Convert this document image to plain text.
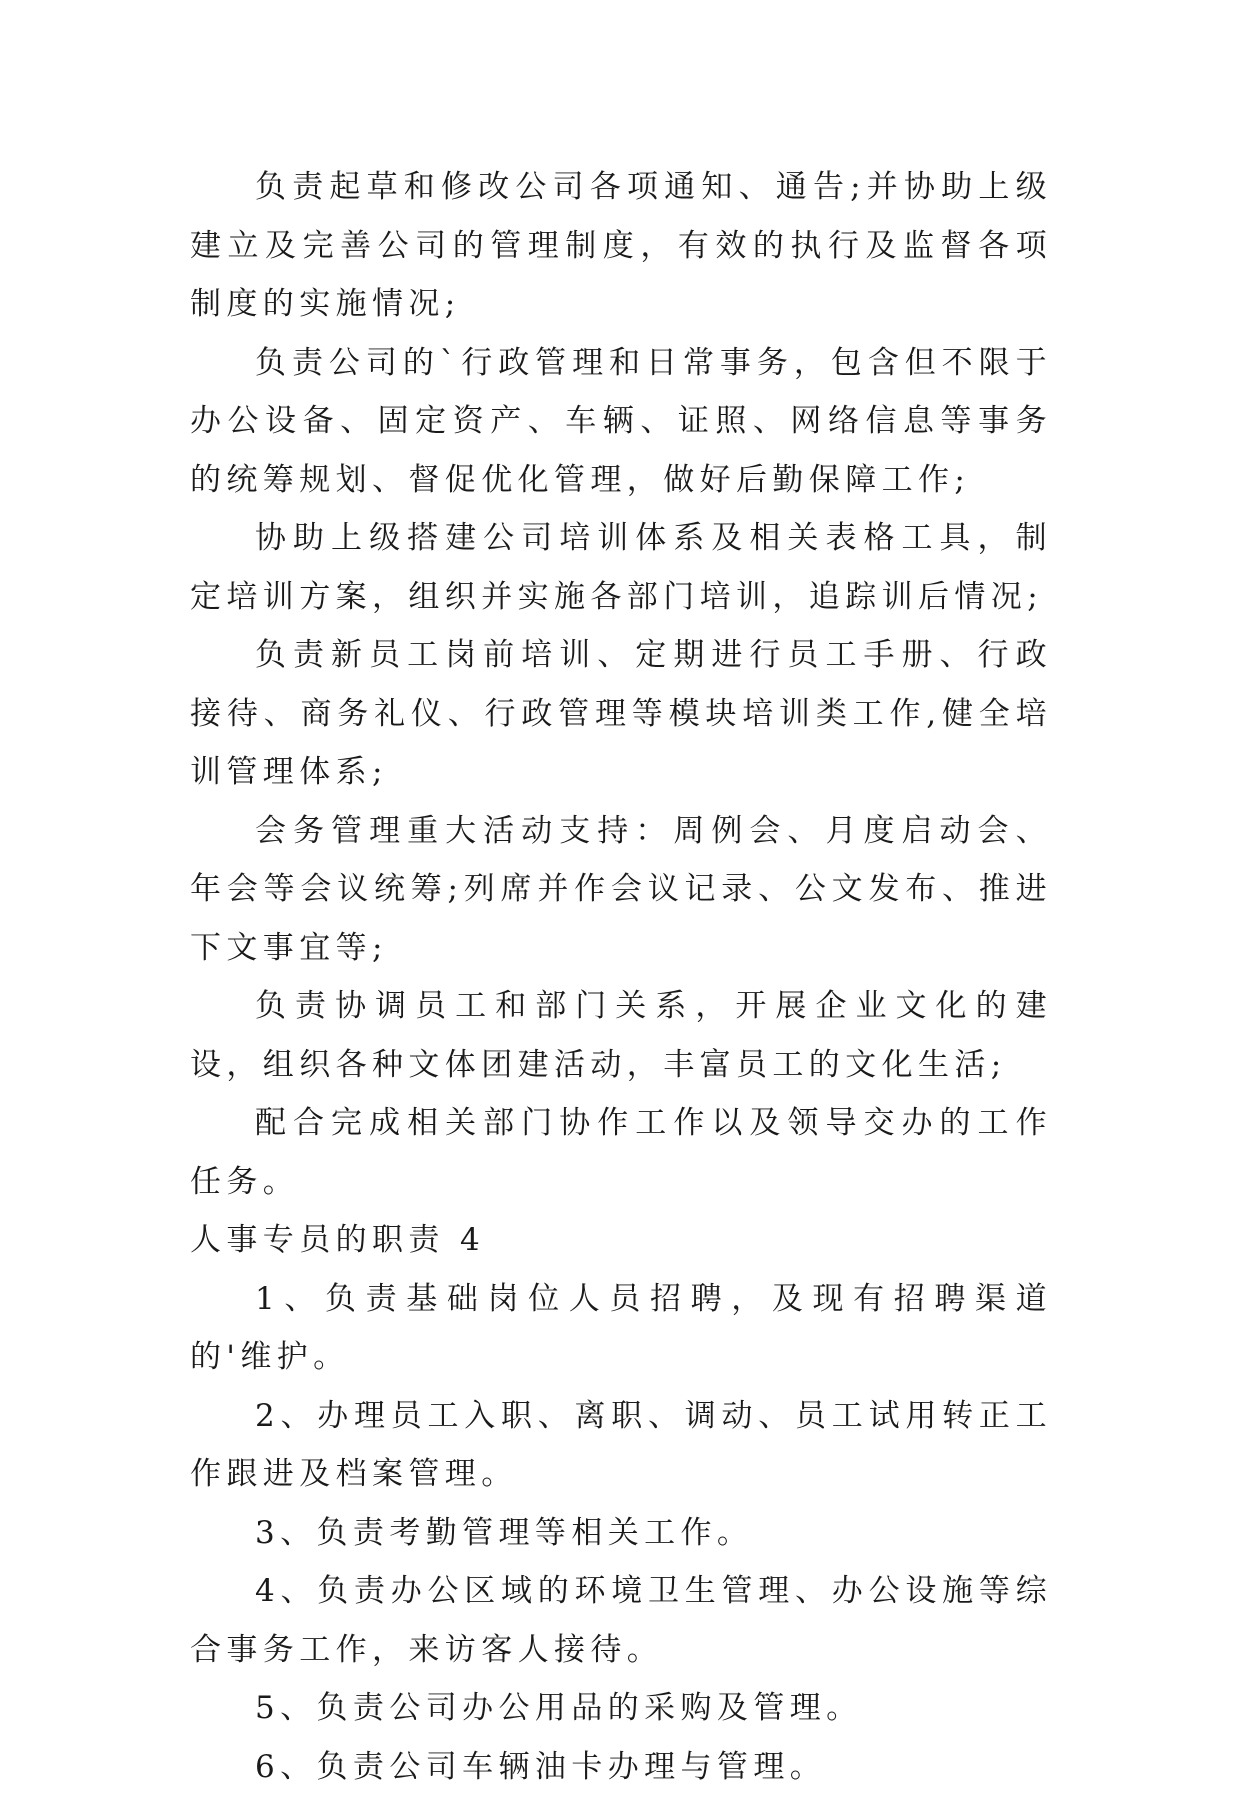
负责起草和修改公司各项通知、通告;并协助上级建立及完善公司的管理制度，有效的执行及监督各项制度的实施情况;

负责公司的`行政管理和日常事务，包含但不限于办公设备、固定资产、车辆、证照、网络信息等事务的统筹规划、督促优化管理，做好后勤保障工作;

协助上级搭建公司培训体系及相关表格工具，制定培训方案，组织并实施各部门培训，追踪训后情况;

负责新员工岗前培训、定期进行员工手册、行政接待、商务礼仪、行政管理等模块培训类工作,健全培训管理体系;

会务管理重大活动支持：周例会、月度启动会、年会等会议统筹;列席并作会议记录、公文发布、推进下文事宜等;

负责协调员工和部门关系，开展企业文化的建设，组织各种文体团建活动，丰富员工的文化生活;

配合完成相关部门协作工作以及领导交办的工作任务。

人事专员的职责 4

1、负责基础岗位人员招聘，及现有招聘渠道的'维护。

2、办理员工入职、离职、调动、员工试用转正工作跟进及档案管理。

3、负责考勤管理等相关工作。

4、负责办公区域的环境卫生管理、办公设施等综合事务工作，来访客人接待。

5、负责公司办公用品的采购及管理。

6、负责公司车辆油卡办理与管理。
